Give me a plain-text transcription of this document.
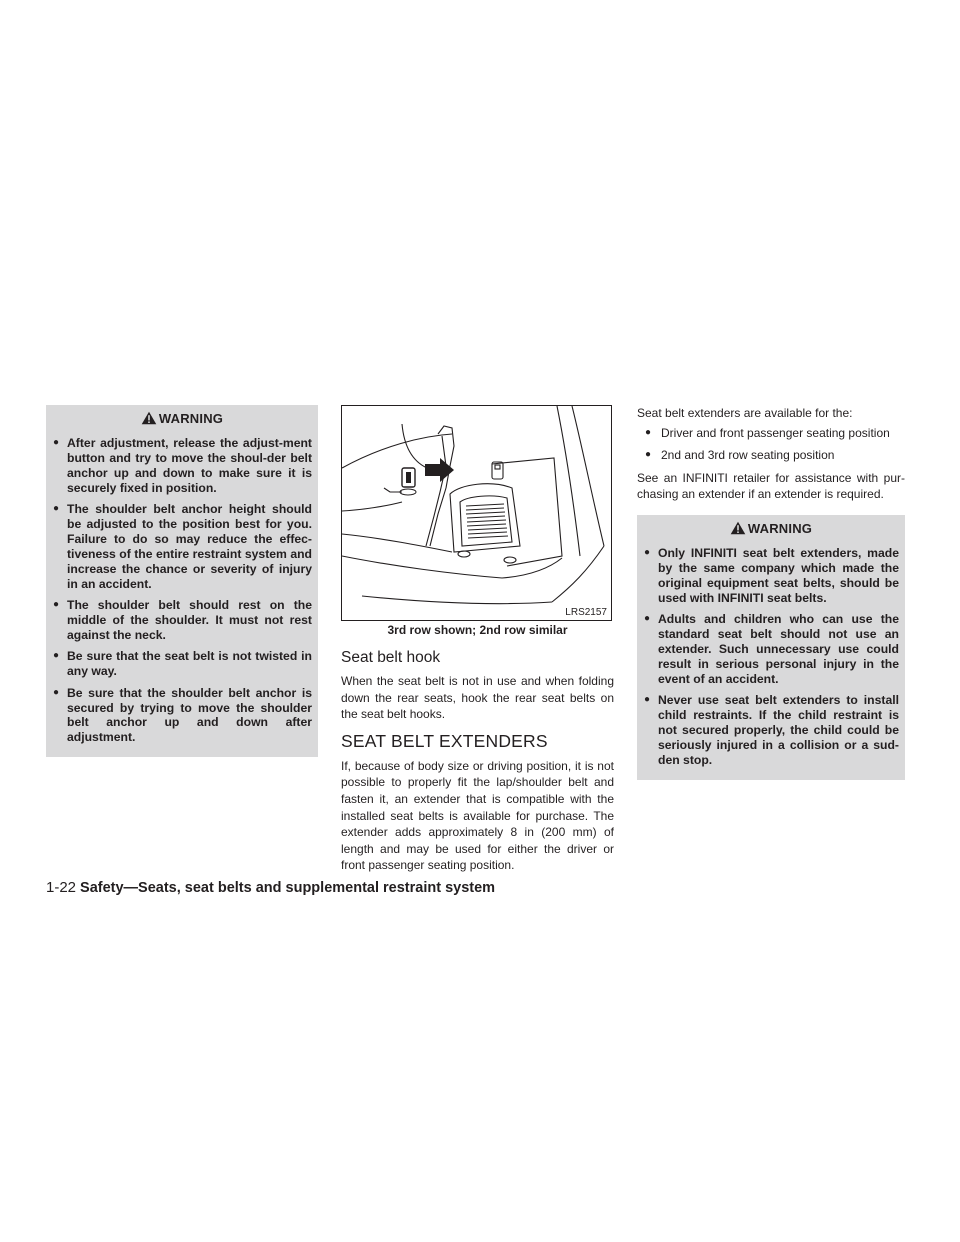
WARNING
● After adjustment, release the adjust-ment button and try to move the shoul-der belt anchor up and down to make sure it is securely fixed in position.
● The shoulder belt anchor height should be adjusted to the position best for you. Failure to do so may reduce the effec-tiveness of the entire restraint system and increase the chance or severity of injury in an accident.
● The shoulder belt should rest on the middle of the shoulder. It must not rest against the neck.
● Be sure that the seat belt is not twisted in any way.
● Be sure that the shoulder belt anchor is secured by trying to move the shoulder belt anchor up and down after adjustment.
LRS2157
3rd row shown; 2nd row similar
Seat belt hook

When the seat belt is not in use and when folding down the rear seats, hook the rear seat belts on the seat belt hooks.

SEAT BELT EXTENDERS

If, because of body size or driving position, it is not possible to properly fit the lap/shoulder belt and fasten it, an extender that is compatible with the installed seat belts is available for purchase. The extender adds approximately 8 in (200 mm) of length and may be used for either the driver or front passenger seating position.

Seat belt extenders are available for the:

● Driver and front passenger seating position
● 2nd and 3rd row seating position

See an INFINITI retailer for assistance with pur-chasing an extender if an extender is required.

WARNING
● Only INFINITI seat belt extenders, made by the same company which made the original equipment seat belts, should be used with INFINITI seat belts.
● Adults and children who can use the standard seat belt should not use an extender. Such unnecessary use could result in serious personal injury in the event of an accident.
● Never use seat belt extenders to install child restraints. If the child restraint is not secured properly, the child could be seriously injured in a collision or a sud-den stop.
1-22 Safety—Seats, seat belts and supplemental restraint system
